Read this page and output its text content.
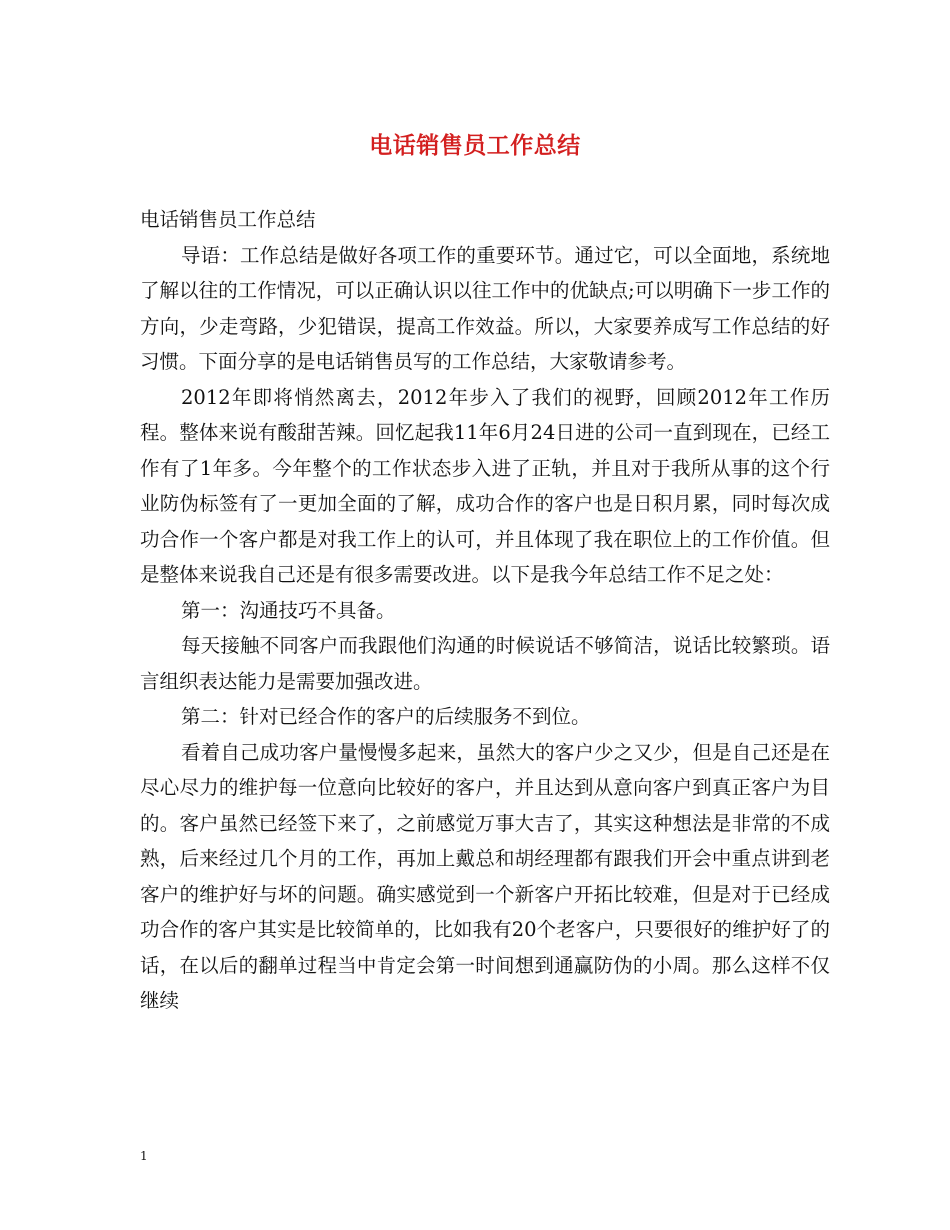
电话销售员工作总结

电话销售员工作总结

导语：工作总结是做好各项工作的重要环节。通过它，可以全面地，系统地了解以往的工作情况，可以正确认识以往工作中的优缺点;可以明确下一步工作的方向，少走弯路，少犯错误，提高工作效益。所以，大家要养成写工作总结的好习惯。下面分享的是电话销售员写的工作总结，大家敬请参考。

2012年即将悄然离去，2012年步入了我们的视野，回顾2012年工作历程。整体来说有酸甜苦辣。回忆起我11年6月24日进的公司一直到现在，已经工作有了1年多。今年整个的工作状态步入进了正轨，并且对于我所从事的这个行业防伪标签有了一更加全面的了解，成功合作的客户也是日积月累，同时每次成功合作一个客户都是对我工作上的认可，并且体现了我在职位上的工作价值。但是整体来说我自己还是有很多需要改进。以下是我今年总结工作不足之处：

第一：沟通技巧不具备。

每天接触不同客户而我跟他们沟通的时候说话不够简洁，说话比较繁琐。语言组织表达能力是需要加强改进。

第二：针对已经合作的客户的后续服务不到位。

看着自己成功客户量慢慢多起来，虽然大的客户少之又少，但是自己还是在尽心尽力的维护每一位意向比较好的客户，并且达到从意向客户到真正客户为目的。客户虽然已经签下来了，之前感觉万事大吉了，其实这种想法是非常的不成熟，后来经过几个月的工作，再加上戴总和胡经理都有跟我们开会中重点讲到老客户的维护好与坏的问题。确实感觉到一个新客户开拓比较难，但是对于已经成功合作的客户其实是比较简单的，比如我有20个老客户，只要很好的维护好了的话，在以后的翻单过程当中肯定会第一时间想到通赢防伪的小周。那么这样不仅继续

1
